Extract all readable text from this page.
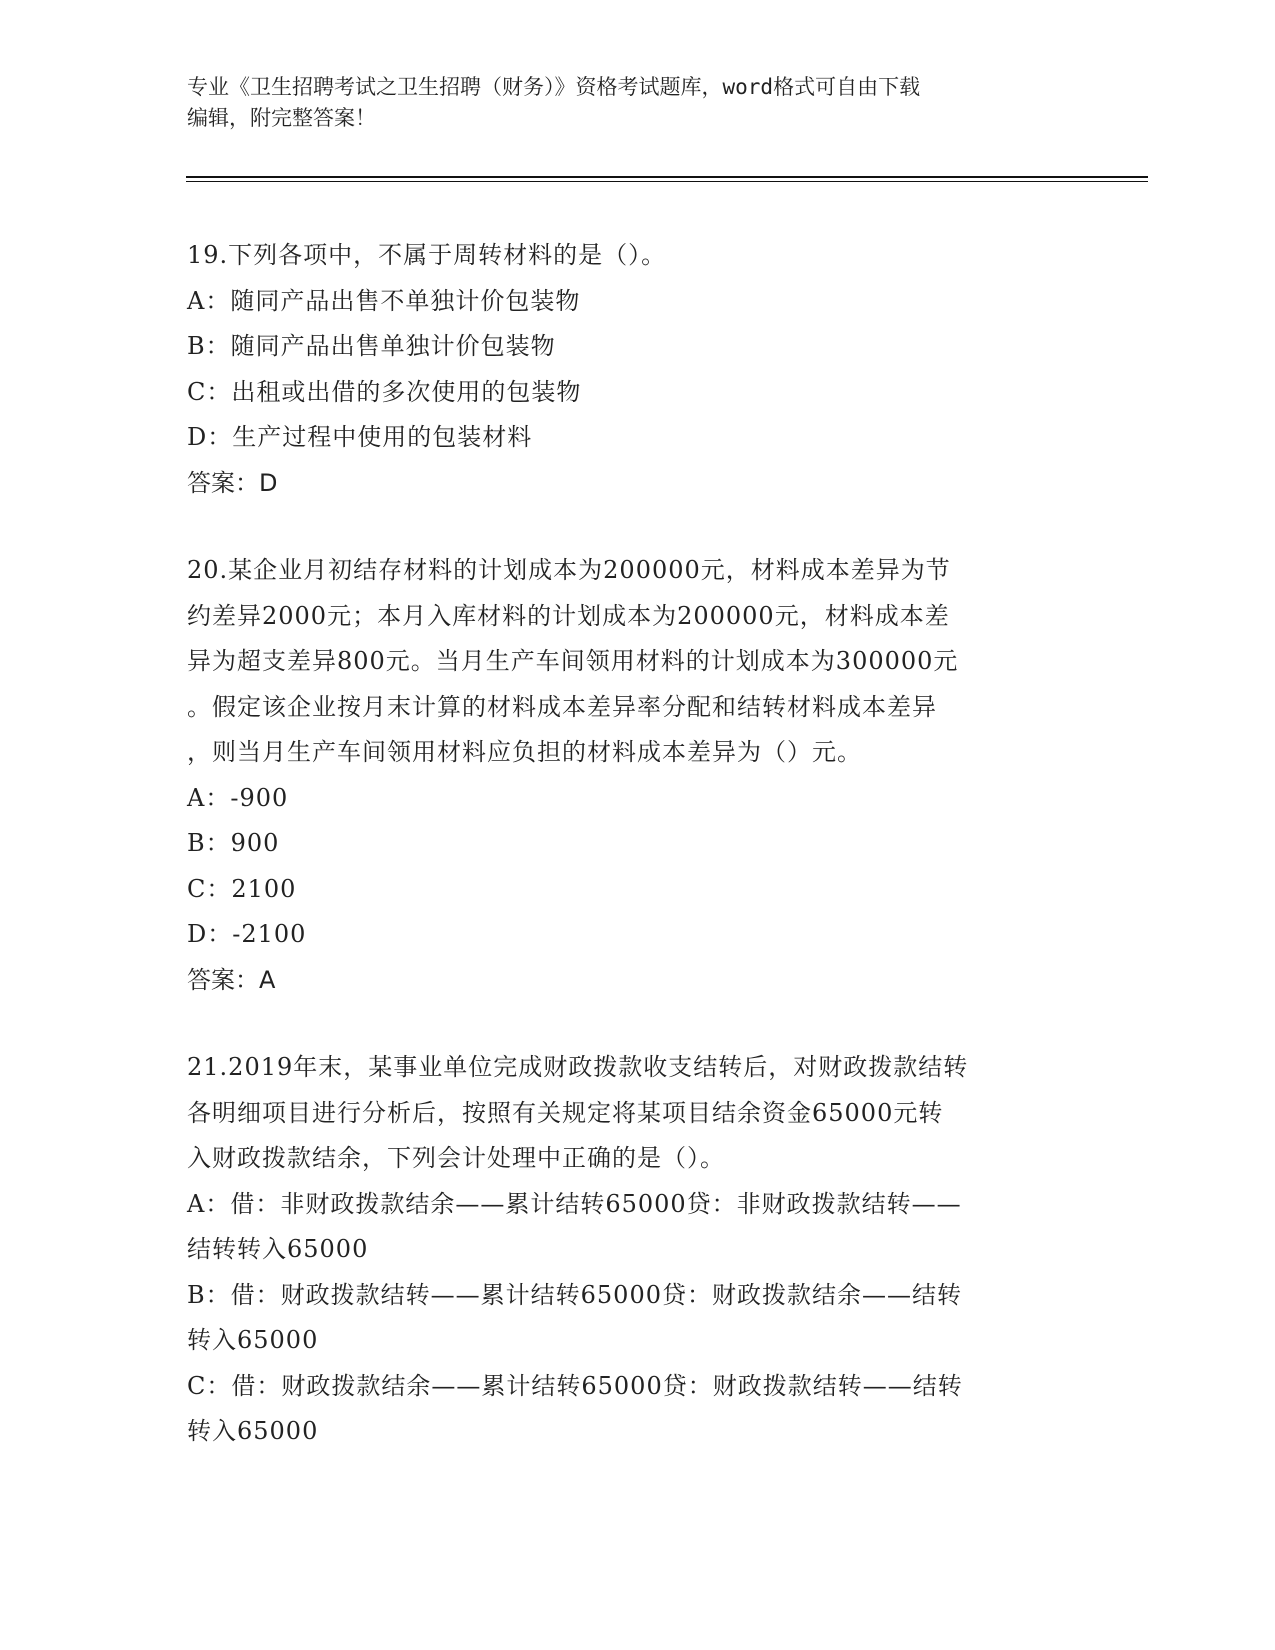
专业《卫生招聘考试之卫生招聘（财务）》资格考试题库，word格式可自由下载
编辑，附完整答案！
19.下列各项中，不属于周转材料的是（）。
A：随同产品出售不单独计价包装物
B：随同产品出售单独计价包装物
C：出租或出借的多次使用的包装物
D：生产过程中使用的包装材料
答案：D
20.某企业月初结存材料的计划成本为200000元，材料成本差异为节
约差异2000元；本月入库材料的计划成本为200000元，材料成本差
异为超支差异800元。当月生产车间领用材料的计划成本为300000元
。假定该企业按月末计算的材料成本差异率分配和结转材料成本差异
，则当月生产车间领用材料应负担的材料成本差异为（）元。
A：-900
B：900
C：2100
D：-2100
答案：A
21.2019年末，某事业单位完成财政拨款收支结转后，对财政拨款结转
各明细项目进行分析后，按照有关规定将某项目结余资金65000元转
入财政拨款结余，下列会计处理中正确的是（）。
A：借：非财政拨款结余——累计结转65000贷：非财政拨款结转——
结转转入65000
B：借：财政拨款结转——累计结转65000贷：财政拨款结余——结转
转入65000
C：借：财政拨款结余——累计结转65000贷：财政拨款结转——结转
转入65000
